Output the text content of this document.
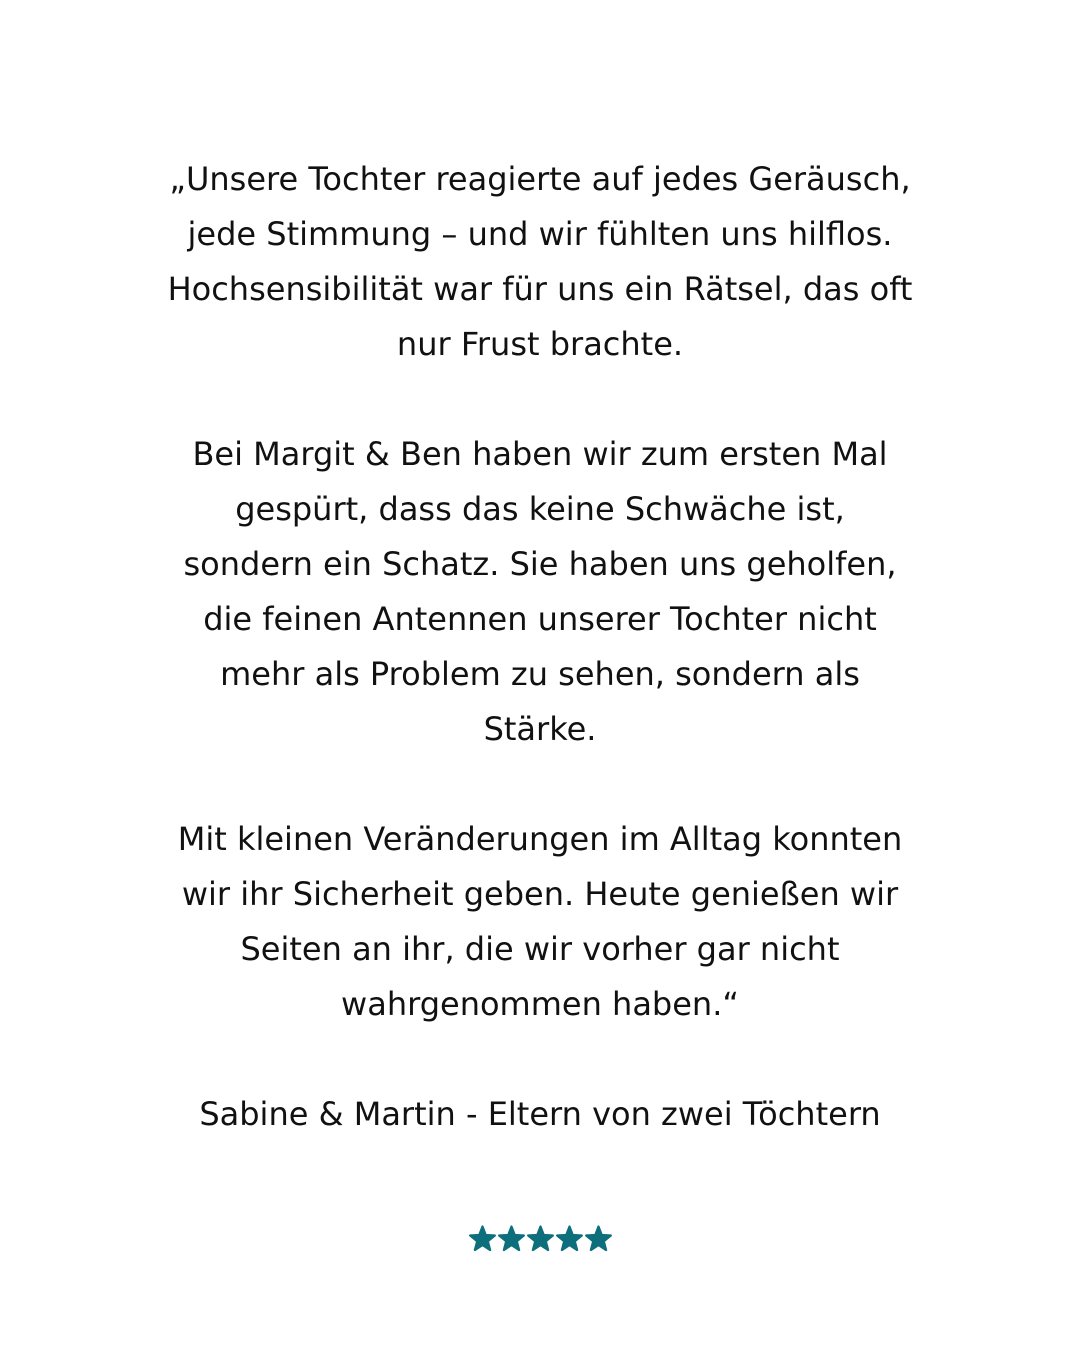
„Unsere Tochter reagierte auf jedes Geräusch,
jede Stimmung – und wir fühlten uns hilflos.
Hochsensibilität war für uns ein Rätsel, das oft
nur Frust brachte.

Bei Margit & Ben haben wir zum ersten Mal
gespürt, dass das keine Schwäche ist,
sondern ein Schatz. Sie haben uns geholfen,
die feinen Antennen unserer Tochter nicht
mehr als Problem zu sehen, sondern als
Stärke.

Mit kleinen Veränderungen im Alltag konnten
wir ihr Sicherheit geben. Heute genießen wir
Seiten an ihr, die wir vorher gar nicht
wahrgenommen haben.“

Sabine & Martin - Eltern von zwei Töchtern
